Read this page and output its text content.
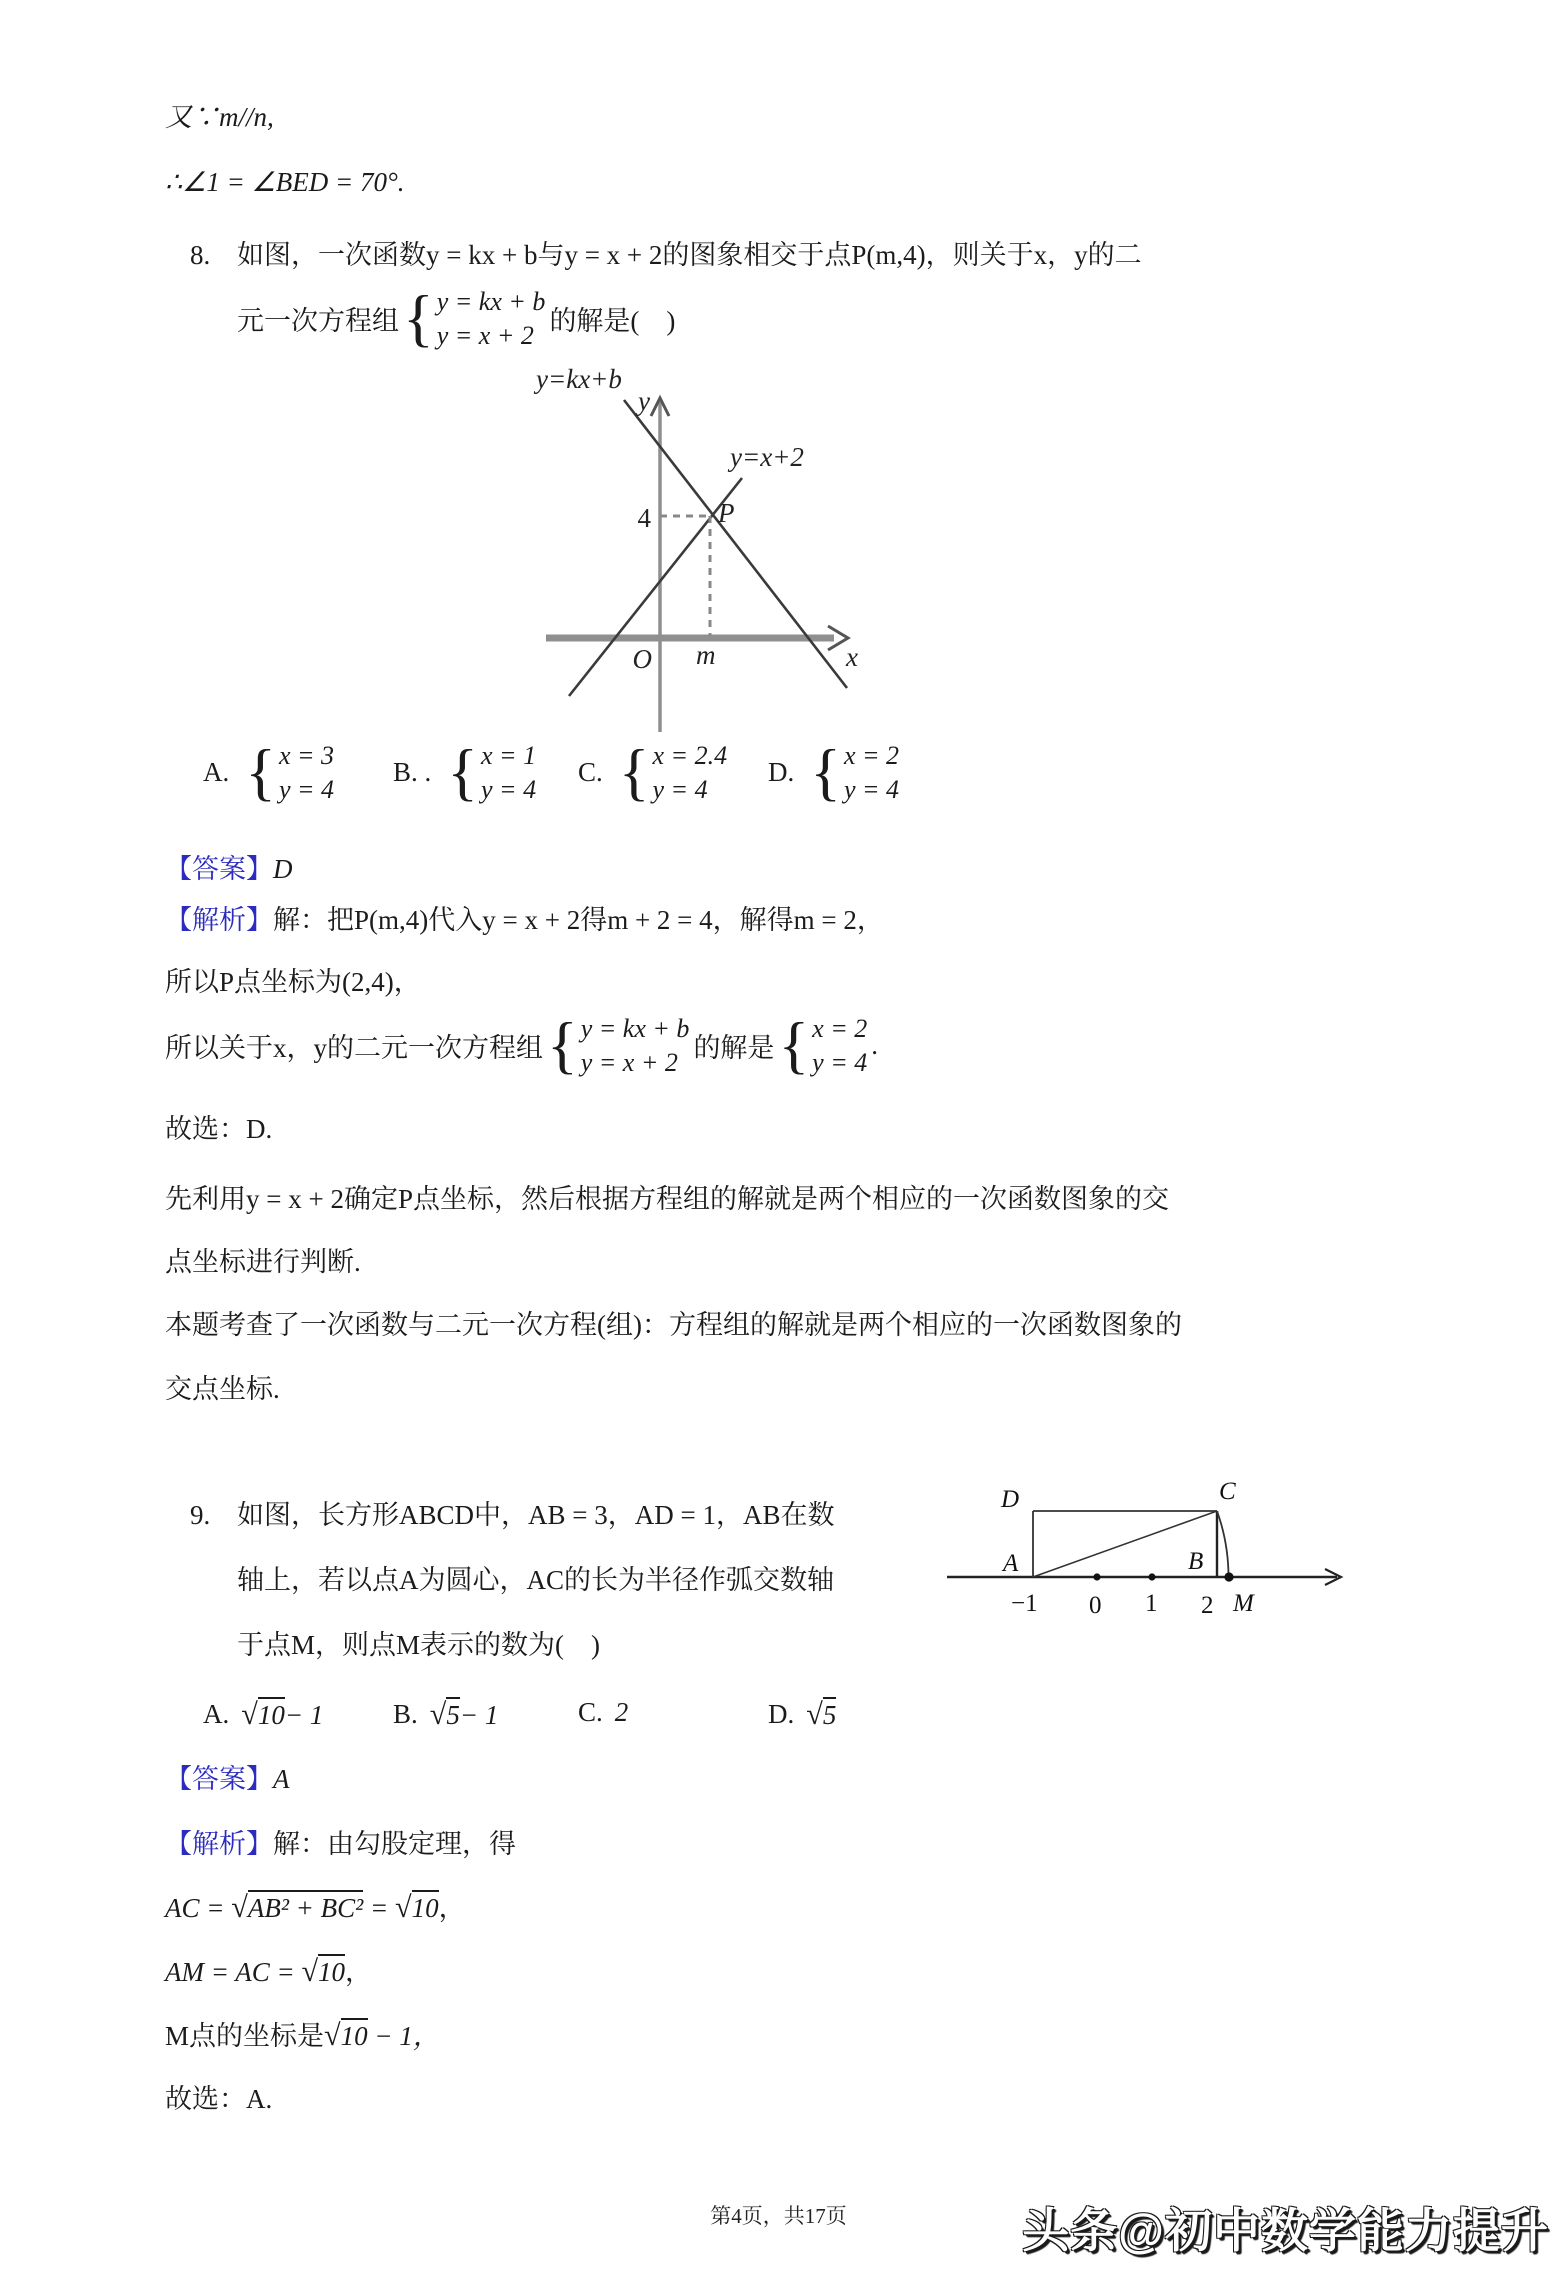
又∵m//n,
∴∠1 = ∠BED = 70°.
8. 如图，一次函数y = kx + b与y = x + 2的图象相交于点P(m,4)，则关于x，y的二
元一次方程组 { y = kx + b
y = x + 2 的解是(　)
y=kx+b
y=x+2
y
x
4 P
O m
A. { x = 3
y = 4
B. . { x = 1
y = 4
C. { x = 2.4
y = 4
D. { x = 2
y = 4
【答案】D
【解析】解：把P(m,4)代入y = x + 2得m + 2 = 4，解得m = 2，
所以P点坐标为(2,4)，
所以关于x，y的二元一次方程组 { y = kx + b
y = x + 2 的解是 { x = 2
y = 4
.
故选：D.
先利用y = x + 2确定P点坐标，然后根据方程组的解就是两个相应的一次函数图象的交
点坐标进行判断.
本题考查了一次函数与二元一次方程(组)：方程组的解就是两个相应的一次函数图象的
交点坐标.
9. 如图，长方形ABCD中，AB = 3，AD = 1，AB在数
轴上，若以点A为圆心，AC的长为半径作弧交数轴
于点M，则点M表示的数为(　)
D	C
A	B
−1 0 1 2 M
A. √ 10 − 1	B. √ 5 − 1	C. 2	D. √ 5
【答案】A
【解析】解：由勾股定理，得
AC = √AB² + BC² = √10，
AM = AC = √10，
M点的坐标是√10 − 1，
故选：A.
第4页，共17页	头条@初中数学能力提升
